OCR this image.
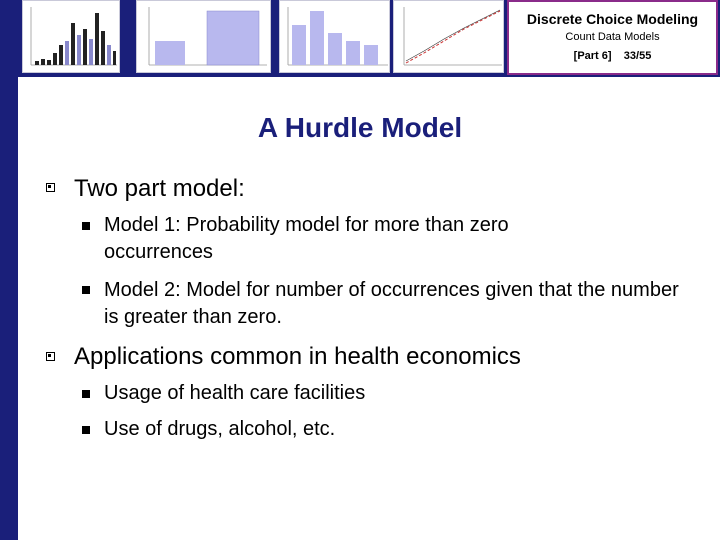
Discrete Choice Modeling
Count Data Models
[Part 6] 33/55
A Hurdle Model
Two part model:
Model 1: Probability model for more than zero occurrences
Model 2: Model for number of occurrences given that the number is greater than zero.
Applications common in health economics
Usage of health care facilities
Use of drugs, alcohol, etc.
